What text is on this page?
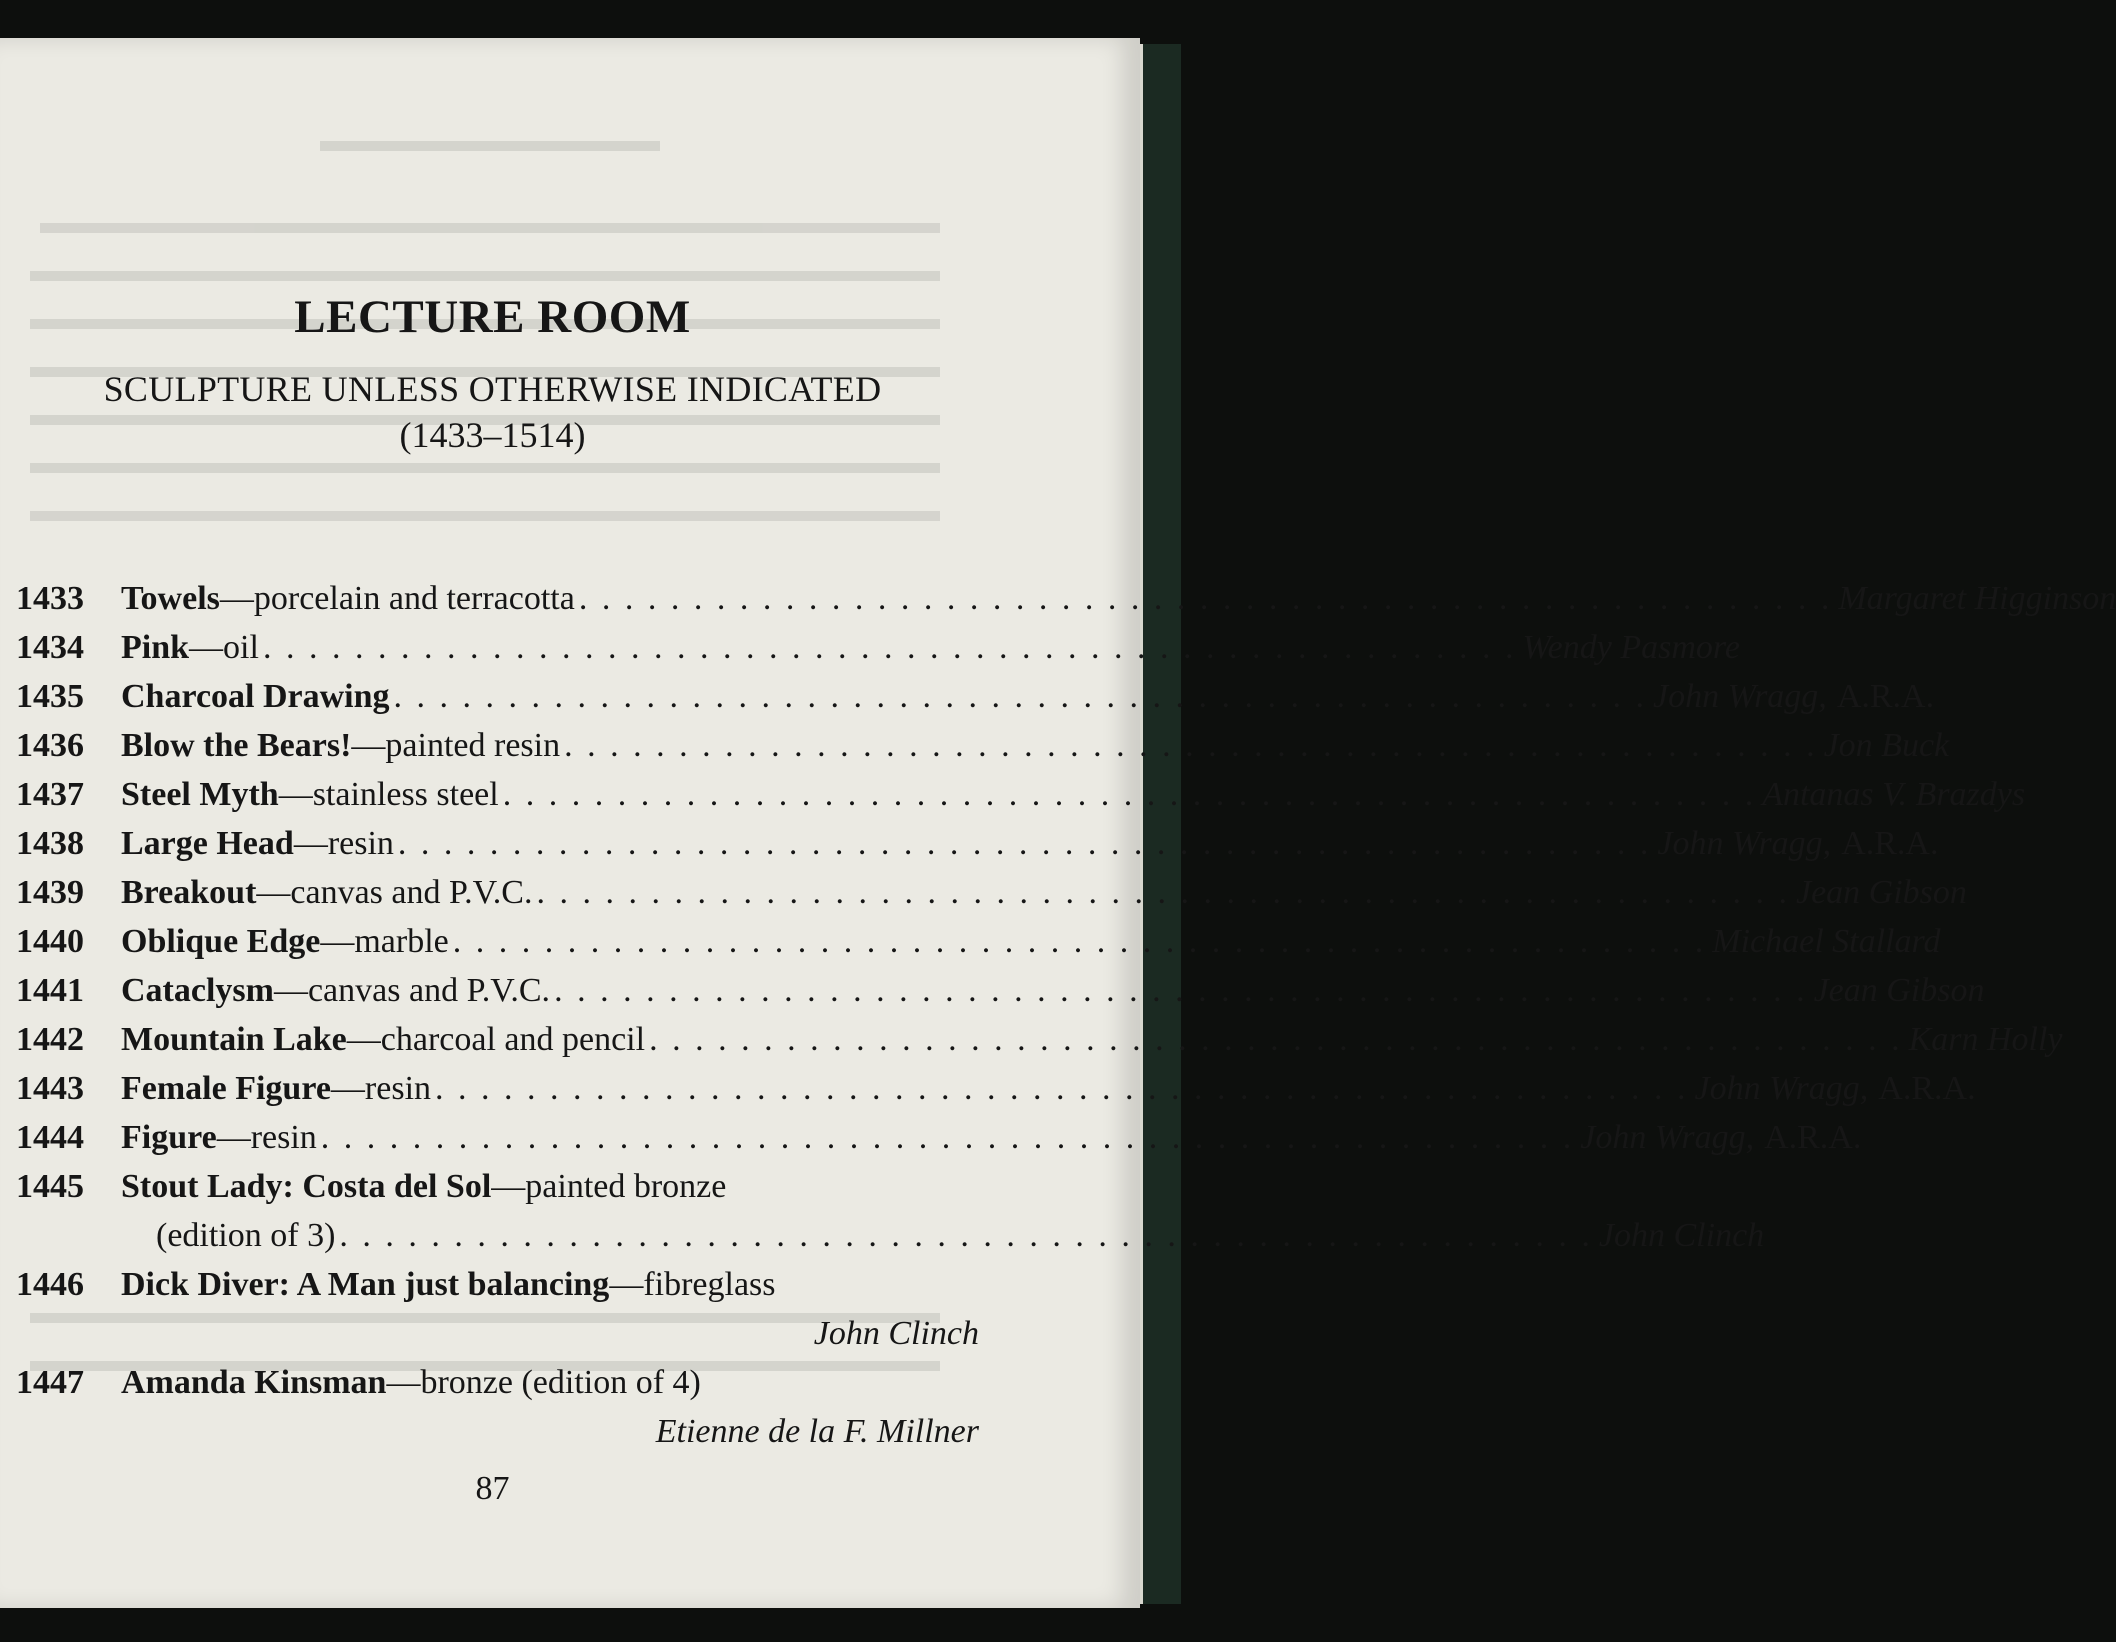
LECTURE ROOM
SCULPTURE UNLESS OTHERWISE INDICATED
(1433–1514)
1433	Towels —porcelain and terracotta . . . . . . . . . . . . . . . . . . . . . . . . . . . . . . . . . . . . . . . . . . . . . . . . . . . . . . . Margaret Higginson
1434	Pink —oil . . . . . . . . . . . . . . . . . . . . . . . . . . . . . . . . . . . . . . . . . . . . . . . . . . . . . . . Wendy Pasmore
1435	Charcoal Drawing . . . . . . . . . . . . . . . . . . . . . . . . . . . . . . . . . . . . . . . . . . . . . . . . . . . . . . . John Wragg, A.R.A.
1436	Blow the Bears! —painted resin . . . . . . . . . . . . . . . . . . . . . . . . . . . . . . . . . . . . . . . . . . . . . . . . . . . . . . . Jon Buck
1437	Steel Myth —stainless steel . . . . . . . . . . . . . . . . . . . . . . . . . . . . . . . . . . . . . . . . . . . . . . . . . . . . . . . Antanas V. Brazdys
1438	Large Head —resin . . . . . . . . . . . . . . . . . . . . . . . . . . . . . . . . . . . . . . . . . . . . . . . . . . . . . . . John Wragg, A.R.A.
1439	Breakout —canvas and P.V.C. . . . . . . . . . . . . . . . . . . . . . . . . . . . . . . . . . . . . . . . . . . . . . . . . . . . . . . . Jean Gibson
1440	Oblique Edge —marble . . . . . . . . . . . . . . . . . . . . . . . . . . . . . . . . . . . . . . . . . . . . . . . . . . . . . . . Michael Stallard
1441	Cataclysm —canvas and P.V.C. . . . . . . . . . . . . . . . . . . . . . . . . . . . . . . . . . . . . . . . . . . . . . . . . . . . . . . . Jean Gibson
1442	Mountain Lake —charcoal and pencil . . . . . . . . . . . . . . . . . . . . . . . . . . . . . . . . . . . . . . . . . . . . . . . . . . . . . . . Karn Holly
1443	Female Figure —resin . . . . . . . . . . . . . . . . . . . . . . . . . . . . . . . . . . . . . . . . . . . . . . . . . . . . . . . John Wragg, A.R.A.
1444	Figure —resin . . . . . . . . . . . . . . . . . . . . . . . . . . . . . . . . . . . . . . . . . . . . . . . . . . . . . . . John Wragg, A.R.A.
1445	Stout Lady: Costa del Sol —painted bronze
(edition of 3) . . . . . . . . . . . . . . . . . . . . . . . . . . . . . . . . . . . . . . . . . . . . . . . . . . . . . . . John Clinch
1446	Dick Diver: A Man just balancing —fibreglass
John Clinch
1447	Amanda Kinsman —bronze (edition of 4)
Etienne de la F. Millner
87
